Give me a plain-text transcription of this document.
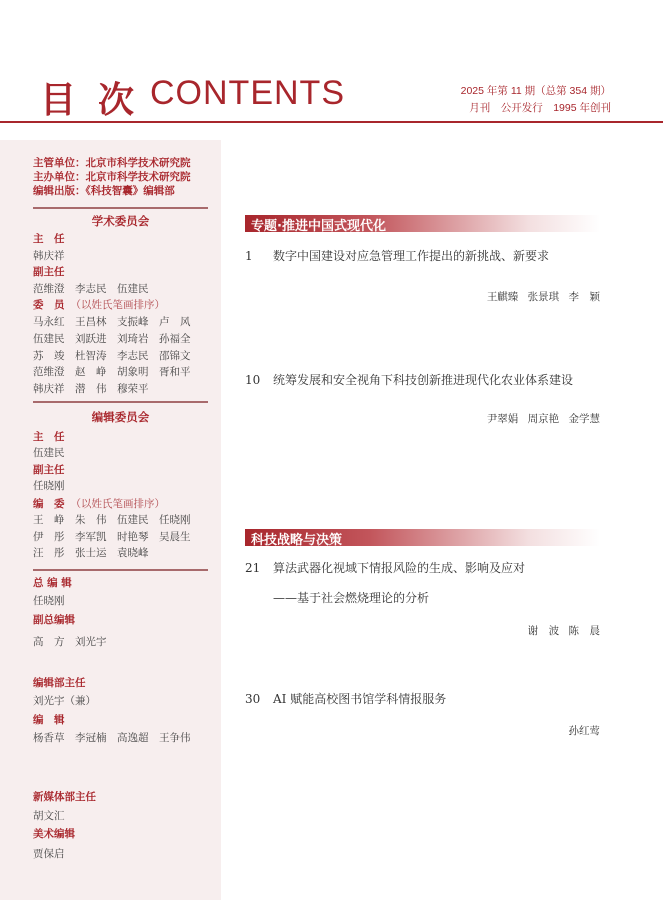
目次
CONTENTS	2025 年第 11 期（总第 354 期）
月刊　公开发行　1995 年创刊
主管单位：北京市科学技术研究院
主办单位：北京市科学技术研究院
编辑出版：《科技智囊》编辑部
学术委员会
主　任
韩庆祥
副主任
范维澄 李志民 伍建民
委　员 （以姓氏笔画排序）
马永红 王昌林 支振峰 卢　风
伍建民 刘跃进 刘琦岩 孙福全
苏　竣 杜智涛 李志民 邵锦文
范维澄 赵　峥 胡象明 胥和平
韩庆祥 潜　伟 穆荣平
编辑委员会
主　任
伍建民
副主任
任晓刚
编　委 （以姓氏笔画排序）
王　峥 朱　伟 伍建民 任晓刚
伊　彤 李军凯 时艳琴 吴晨生
汪　彤 张士运 袁晓峰
总 编 辑
任晓刚
副总编辑
高　方 刘光宇
编辑部主任
刘光宇（兼）
编　辑
杨香草 李冠楠 高逸超 王争伟
新媒体部主任
胡文汇
美术编辑
贾保启
专题·推进中国式现代化
1 数字中国建设对应急管理工作提出的新挑战、新要求
王麒臻 张景琪 李　颖
10 统筹发展和安全视角下科技创新推进现代化农业体系建设
尹翠娟 周京艳 金学慧
科技战略与决策
21 算法武器化视域下情报风险的生成、影响及应对
——基于社会燃烧理论的分析
谢　波 陈　晨
30 AI 赋能高校图书馆学科情报服务
孙红莺
